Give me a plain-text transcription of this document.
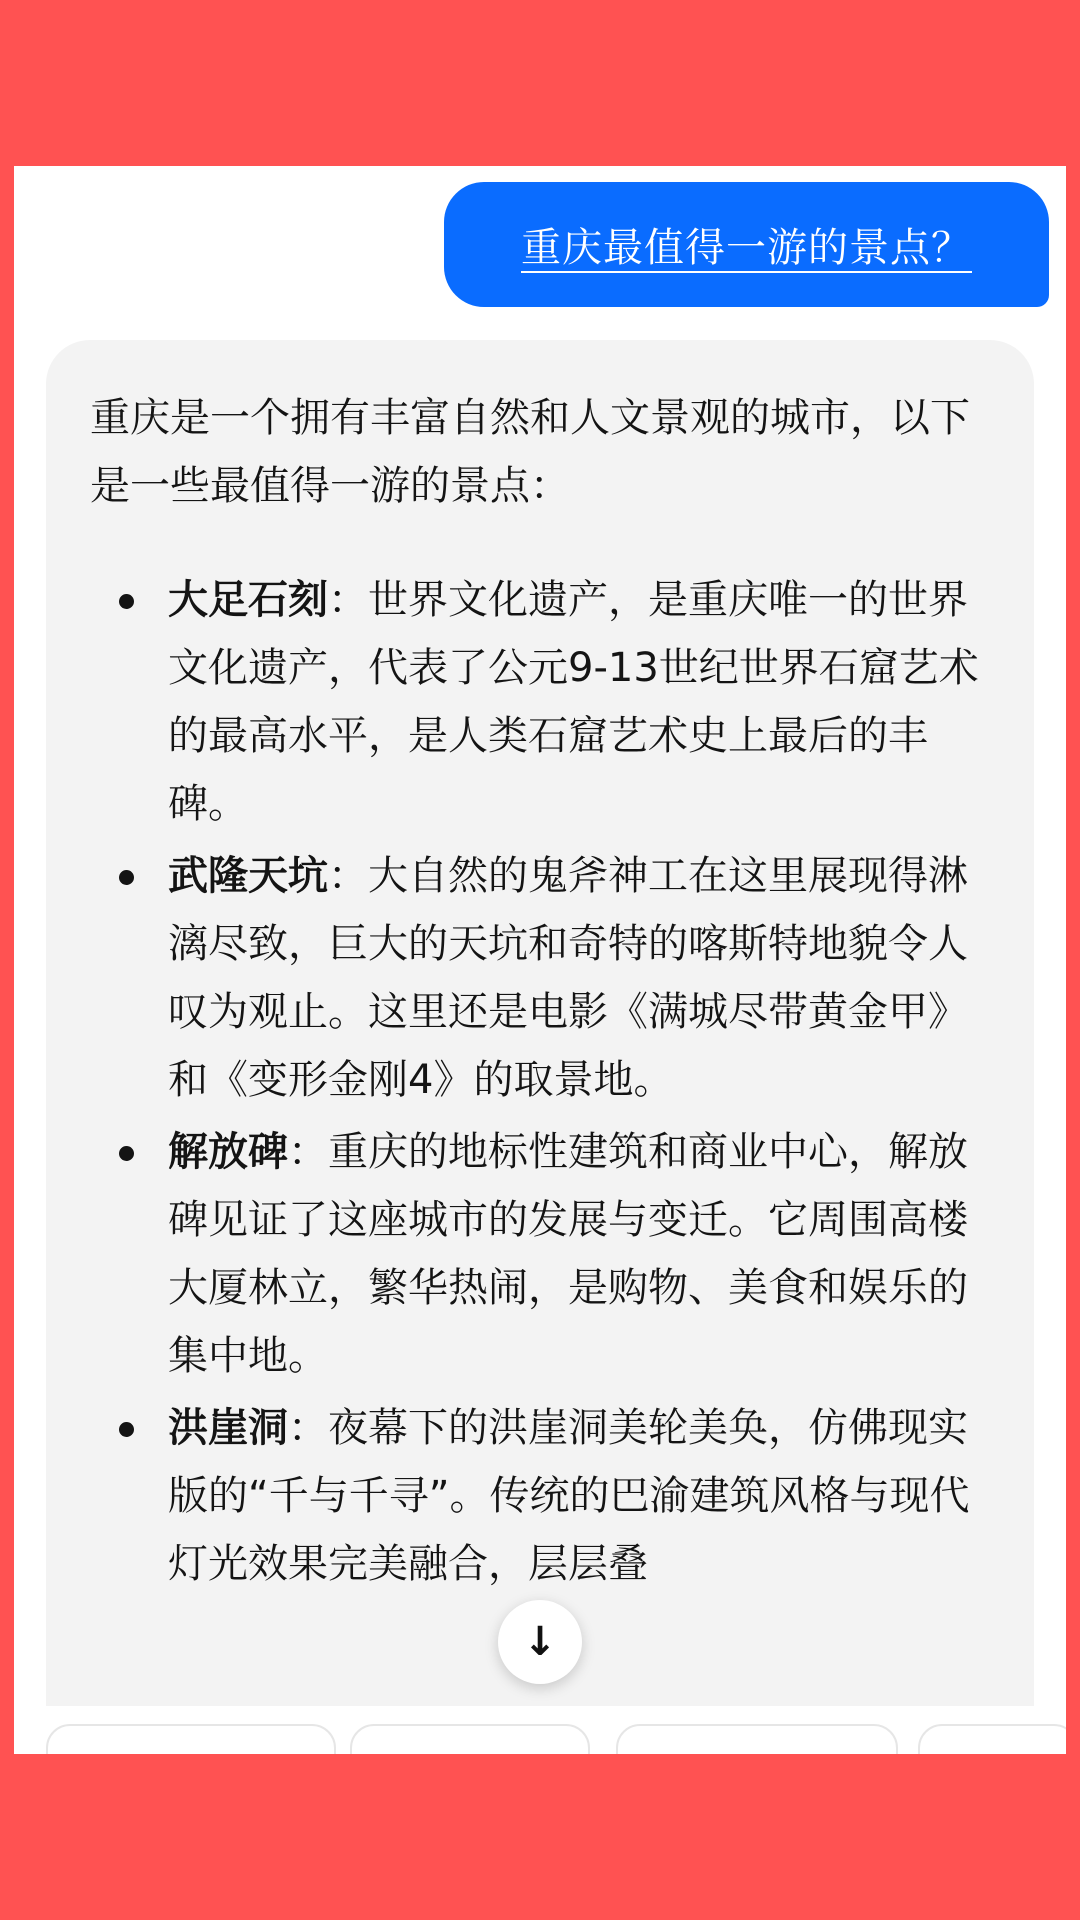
重庆最值得一游的景点？

重庆是一个拥有丰富自然和人文景观的城市，以下是一些最值得一游的景点：

大足石刻：世界文化遗产，是重庆唯一的世界文化遗产，代表了公元9-13世纪世界石窟艺术的最高水平，是人类石窟艺术史上最后的丰碑。
武隆天坑：大自然的鬼斧神工在这里展现得淋漓尽致，巨大的天坑和奇特的喀斯特地貌令人叹为观止。这里还是电影《满城尽带黄金甲》和《变形金刚4》的取景地。
解放碑：重庆的地标性建筑和商业中心，解放碑见证了这座城市的发展与变迁。它周围高楼大厦林立，繁华热闹，是购物、美食和娱乐的集中地。
洪崖洞：夜幕下的洪崖洞美轮美奂，仿佛现实版的“千与千寻”。传统的巴渝建筑风格与现代灯光效果完美融合，层层叠
↓
